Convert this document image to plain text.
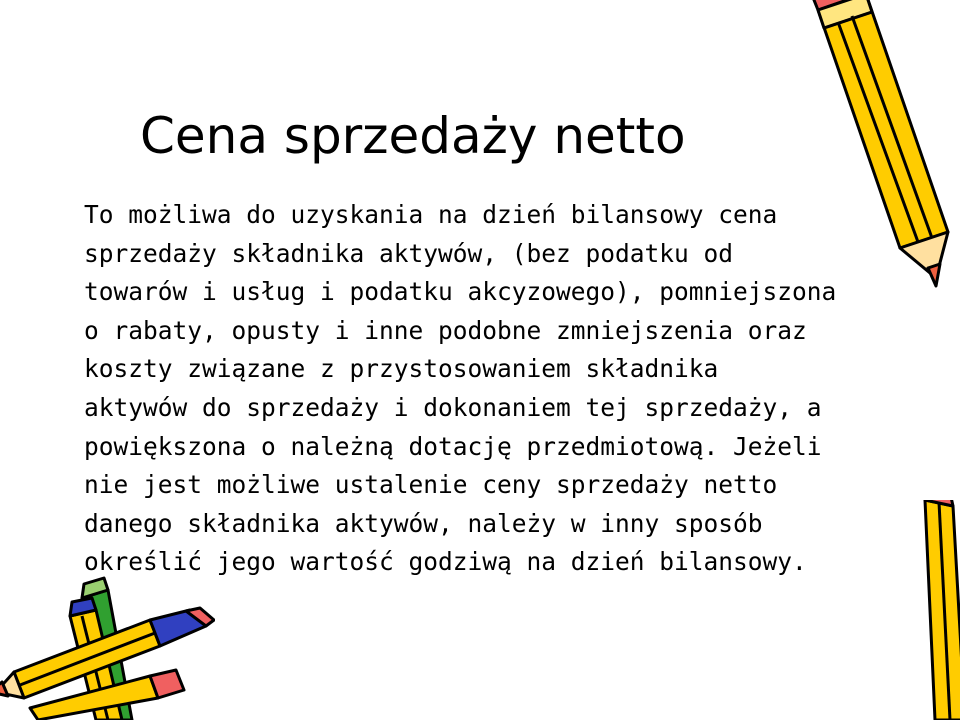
Cena sprzedaży netto
To możliwa do uzyskania na dzień bilansowy cena
sprzedaży składnika aktywów, (bez podatku od
towarów i usług i podatku akcyzowego), pomniejszona
o rabaty, opusty i inne podobne zmniejszenia oraz
koszty związane z przystosowaniem składnika
aktywów do sprzedaży i dokonaniem tej sprzedaży, a
powiększona o należną dotację przedmiotową. Jeżeli
nie jest możliwe ustalenie ceny sprzedaży netto
danego składnika aktywów, należy w inny sposób
określić jego wartość godziwą na dzień bilansowy.
